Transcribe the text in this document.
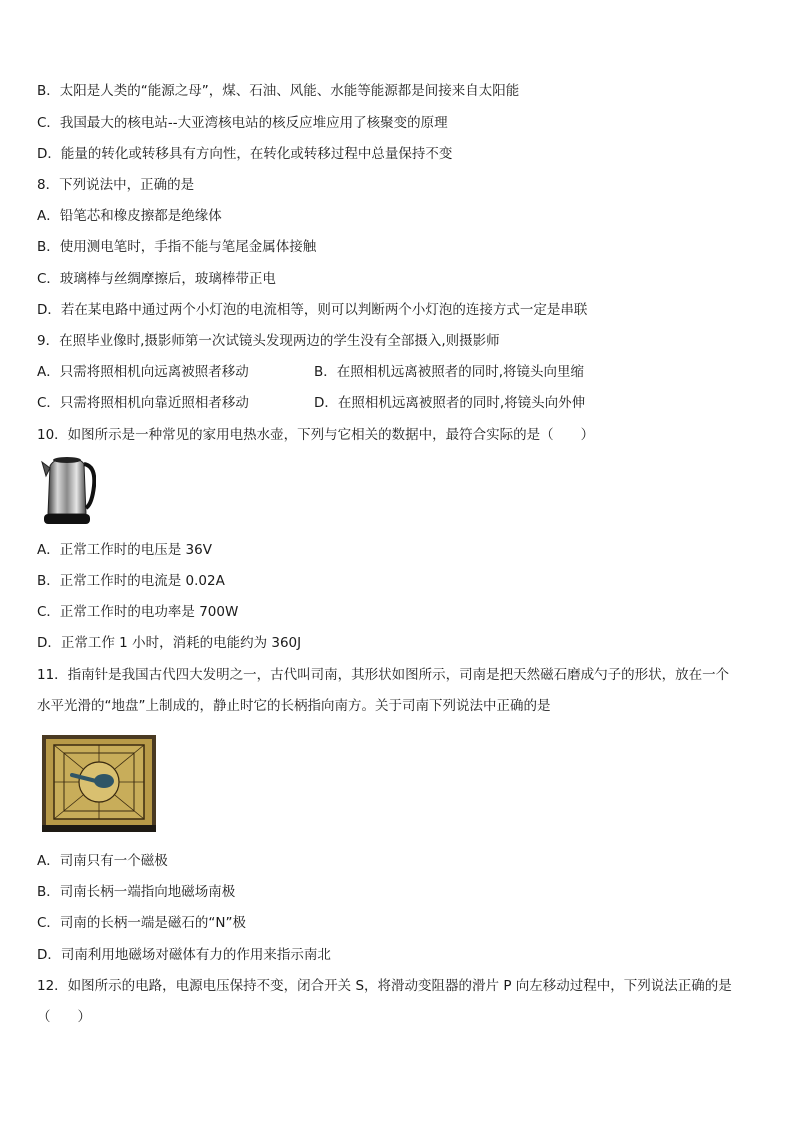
B．太阳是人类的“能源之母”，煤、石油、风能、水能等能源都是间接来自太阳能
C．我国最大的核电站--大亚湾核电站的核反应堆应用了核聚变的原理
D．能量的转化或转移具有方向性，在转化或转移过程中总量保持不变
8．下列说法中，正确的是
A．铅笔芯和橡皮擦都是绝缘体
B．使用测电笔时，手指不能与笔尾金属体接触
C．玻璃棒与丝绸摩擦后，玻璃棒带正电
D．若在某电路中通过两个小灯泡的电流相等，则可以判断两个小灯泡的连接方式一定是串联
9．在照毕业像时,摄影师第一次试镜头发现两边的学生没有全部摄入,则摄影师
A．只需将照相机向远离被照者移动	B．在照相机远离被照者的同时,将镜头向里缩
C．只需将照相机向靠近照相者移动	D．在照相机远离被照者的同时,将镜头向外伸
10．如图所示是一种常见的家用电热水壶，下列与它相关的数据中，最符合实际的是（　　）
A．正常工作时的电压是 36V
B．正常工作时的电流是 0.02A
C．正常工作时的电功率是 700W
D．正常工作 1 小时，消耗的电能约为 360J
11．指南针是我国古代四大发明之一，古代叫司南，其形状如图所示，司南是把天然磁石磨成勺子的形状，放在一个
水平光滑的“地盘”上制成的，静止时它的长柄指向南方。关于司南下列说法中正确的是
A．司南只有一个磁极
B．司南长柄一端指向地磁场南极
C．司南的长柄一端是磁石的“N”极
D．司南利用地磁场对磁体有力的作用来指示南北
12．如图所示的电路，电源电压保持不变，闭合开关 S，将滑动变阻器的滑片 P 向左移动过程中，下列说法正确的是
（　　）
